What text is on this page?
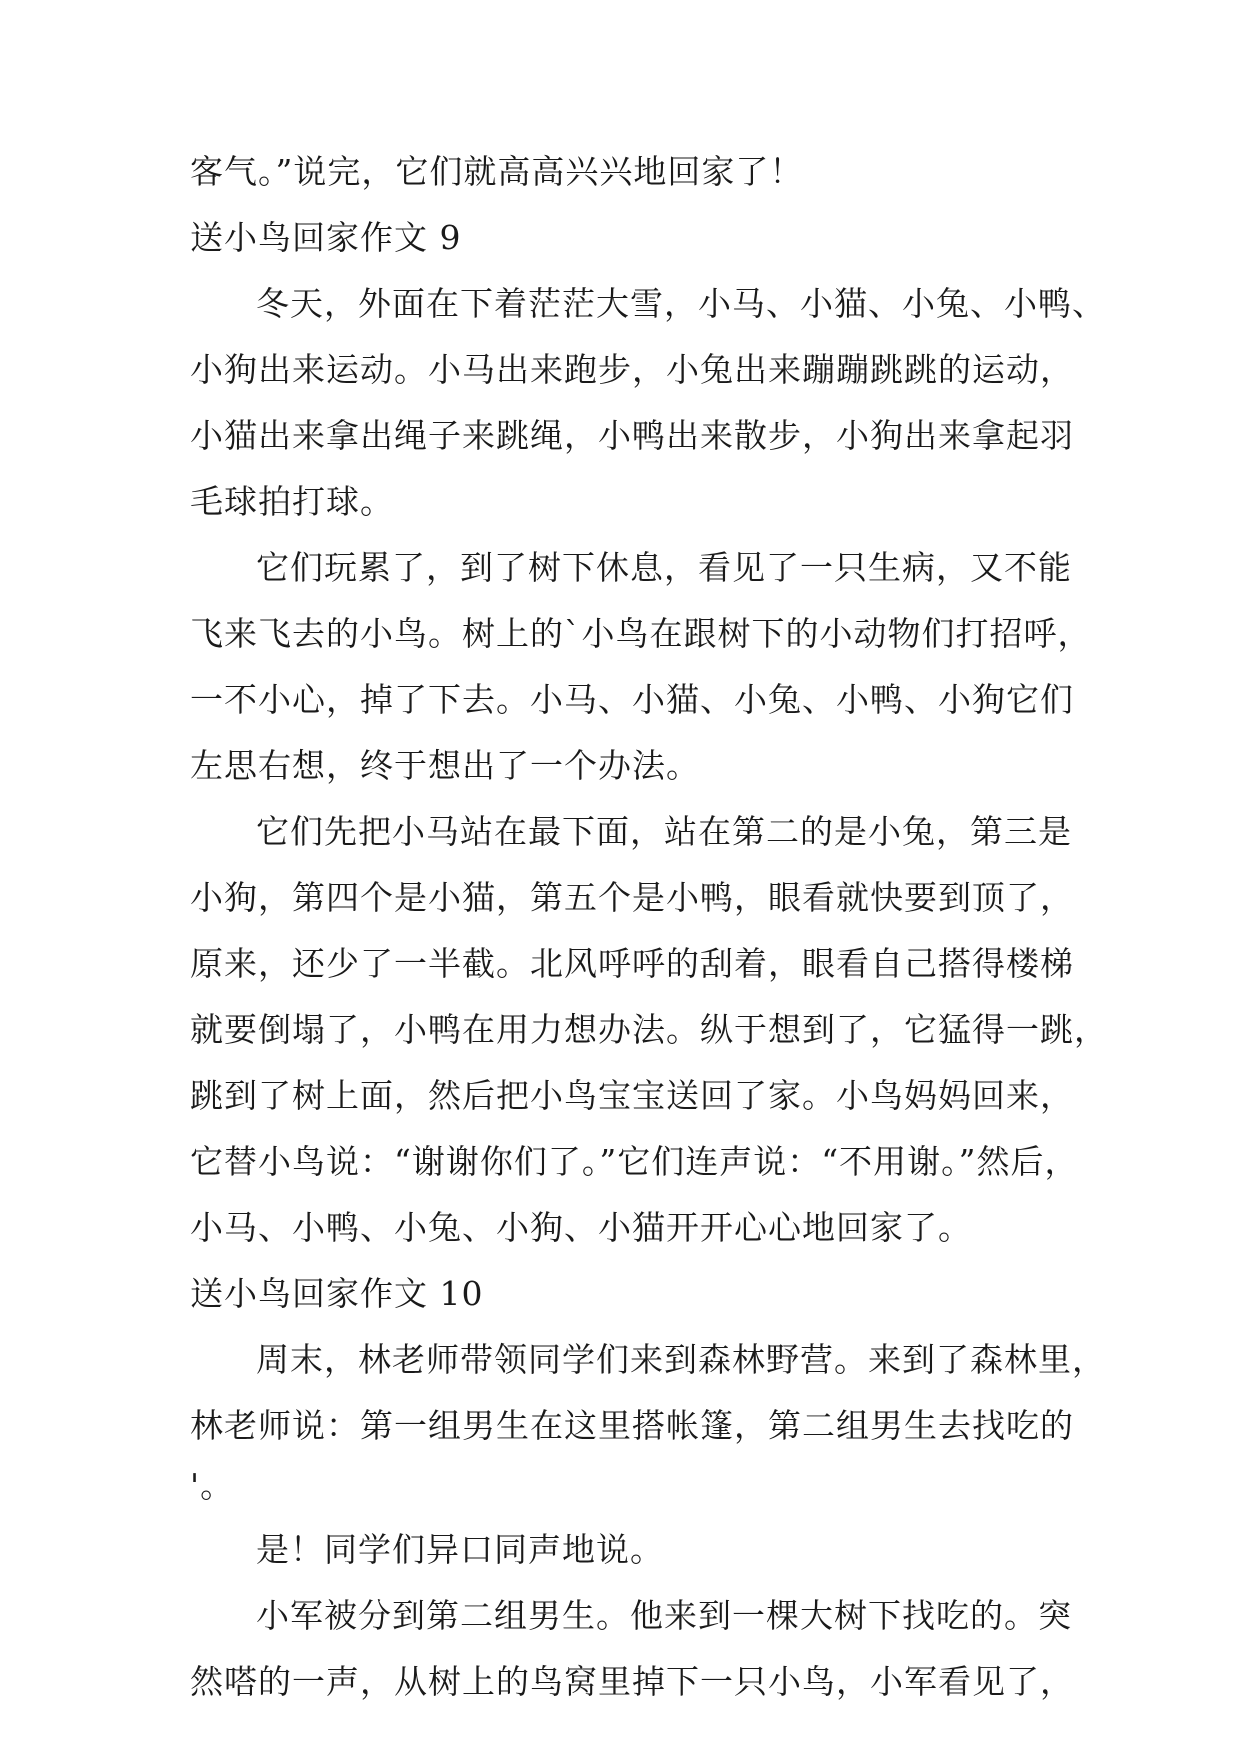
客气。”说完，它们就高高兴兴地回家了！
送小鸟回家作文 9
冬天，外面在下着茫茫大雪，小马、小猫、小兔、小鸭、
小狗出来运动。小马出来跑步，小兔出来蹦蹦跳跳的运动，
小猫出来拿出绳子来跳绳，小鸭出来散步，小狗出来拿起羽
毛球拍打球。
它们玩累了，到了树下休息，看见了一只生病，又不能
飞来飞去的小鸟。树上的`小鸟在跟树下的小动物们打招呼，
一不小心，掉了下去。小马、小猫、小兔、小鸭、小狗它们
左思右想，终于想出了一个办法。
它们先把小马站在最下面，站在第二的是小兔，第三是
小狗，第四个是小猫，第五个是小鸭，眼看就快要到顶了，
原来，还少了一半截。北风呼呼的刮着，眼看自己搭得楼梯
就要倒塌了，小鸭在用力想办法。纵于想到了，它猛得一跳，
跳到了树上面，然后把小鸟宝宝送回了家。小鸟妈妈回来，
它替小鸟说：“谢谢你们了。”它们连声说：“不用谢。”然后，
小马、小鸭、小兔、小狗、小猫开开心心地回家了。
送小鸟回家作文 10
周末，林老师带领同学们来到森林野营。来到了森林里，
林老师说：第一组男生在这里搭帐篷，第二组男生去找吃的
'。
是！同学们异口同声地说。
小军被分到第二组男生。他来到一棵大树下找吃的。突
然嗒的一声，从树上的鸟窝里掉下一只小鸟，小军看见了，
